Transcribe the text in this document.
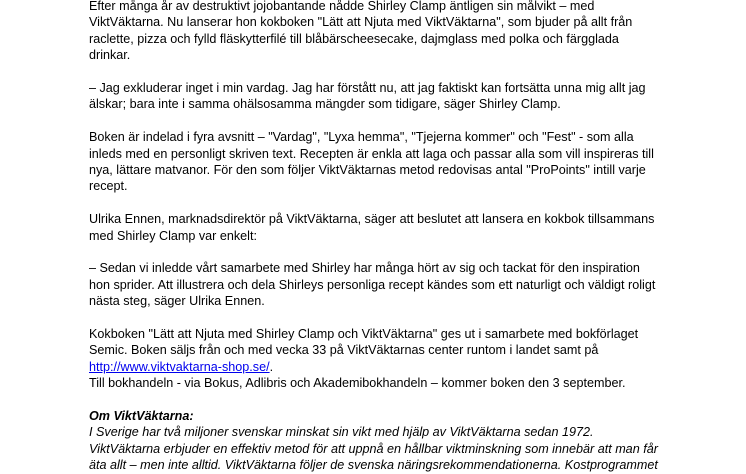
Efter många år av destruktivt jojobantande nådde Shirley Clamp äntligen sin målvikt – med
ViktVäktarna. Nu lanserar hon kokboken "Lätt att Njuta med ViktVäktarna", som bjuder på allt från
raclette, pizza och fylld fläskytterfilé till blåbärscheesecake, dajmglass med polka och färgglada
drinkar.

– Jag exkluderar inget i min vardag. Jag har förstått nu, att jag faktiskt kan fortsätta unna mig allt jag
älskar; bara inte i samma ohälsosamma mängder som tidigare, säger Shirley Clamp.

Boken är indelad i fyra avsnitt – "Vardag", "Lyxa hemma", "Tjejerna kommer" och "Fest" - som alla
inleds med en personligt skriven text. Recepten är enkla att laga och passar alla som vill inspireras till
nya, lättare matvanor. För den som följer ViktVäktarnas metod redovisas antal "ProPoints" intill varje
recept.

Ulrika Ennen, marknadsdirektör på ViktVäktarna, säger att beslutet att lansera en kokbok tillsammans
med Shirley Clamp var enkelt:

– Sedan vi inledde vårt samarbete med Shirley har många hört av sig och tackat för den inspiration
hon sprider. Att illustrera och dela Shirleys personliga recept kändes som ett naturligt och väldigt roligt
nästa steg, säger Ulrika Ennen.

Kokboken "Lätt att Njuta med Shirley Clamp och ViktVäktarna" ges ut i samarbete med bokförlaget
Semic. Boken säljs från och med vecka 33 på ViktVäktarnas center runtom i landet samt på
http://www.viktvaktarna-shop.se/.
Till bokhandeln - via Bokus, Adlibris och Akademibokhandeln – kommer boken den 3 september.

Om ViktVäktarna:

I Sverige har två miljoner svenskar minskat sin vikt med hjälp av ViktVäktarna sedan 1972.
ViktVäktarna erbjuder en effektiv metod för att uppnå en hållbar viktminskning som innebär att man får
äta allt – men inte alltid. ViktVäktarna följer de svenska näringsrekommendationerna. Kostprogrammet
